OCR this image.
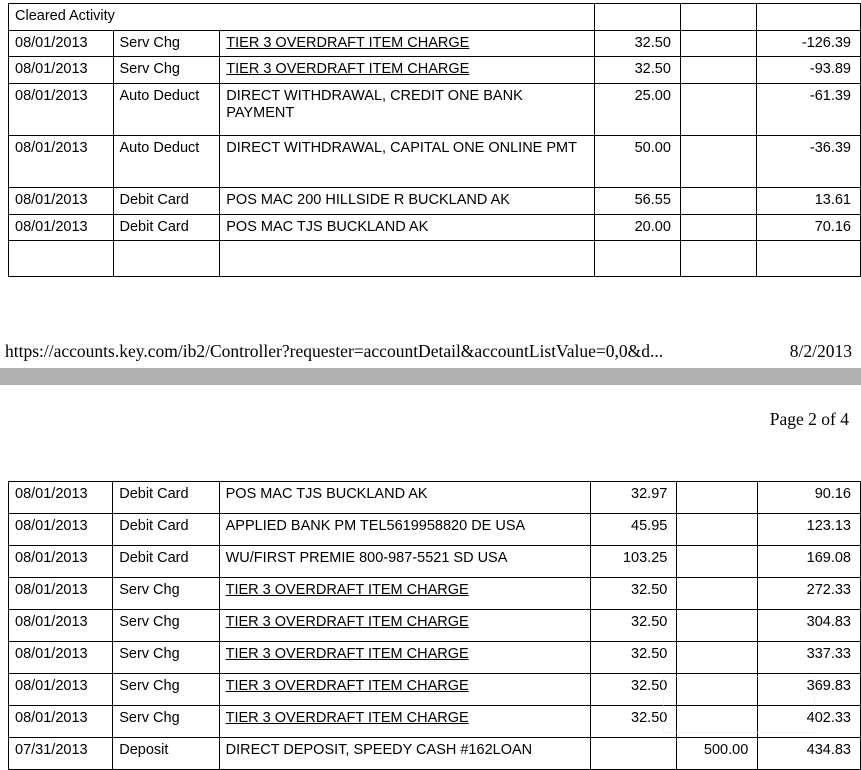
Cleared Activity					
08/01/2013	Serv Chg	TIER 3 OVERDRAFT ITEM CHARGE	32.50		-126.39
08/01/2013	Serv Chg	TIER 3 OVERDRAFT ITEM CHARGE	32.50		-93.89
08/01/2013	Auto Deduct	DIRECT WITHDRAWAL, CREDIT ONE BANK PAYMENT	25.00		-61.39
08/01/2013	Auto Deduct	DIRECT WITHDRAWAL, CAPITAL ONE ONLINE PMT	50.00		-36.39
08/01/2013	Debit Card	POS MAC 200 HILLSIDE R BUCKLAND AK	56.55		13.61
08/01/2013	Debit Card	POS MAC TJS BUCKLAND AK	20.00		70.16

https://accounts.key.com/ib2/Controller?requester=accountDetail&accountListValue=0,0&d...	8/2/2013
Page 2 of 4
08/01/2013	Debit Card	POS MAC TJS BUCKLAND AK	32.97		90.16
08/01/2013	Debit Card	APPLIED BANK PM TEL5619958820 DE USA	45.95		123.13
08/01/2013	Debit Card	WU/FIRST PREMIE 800-987-5521 SD USA	103.25		169.08
08/01/2013	Serv Chg	TIER 3 OVERDRAFT ITEM CHARGE	32.50		272.33
08/01/2013	Serv Chg	TIER 3 OVERDRAFT ITEM CHARGE	32.50		304.83
08/01/2013	Serv Chg	TIER 3 OVERDRAFT ITEM CHARGE	32.50		337.33
08/01/2013	Serv Chg	TIER 3 OVERDRAFT ITEM CHARGE	32.50		369.83
08/01/2013	Serv Chg	TIER 3 OVERDRAFT ITEM CHARGE	32.50		402.33
07/31/2013	Deposit	DIRECT DEPOSIT, SPEEDY CASH #162LOAN		500.00	434.83
